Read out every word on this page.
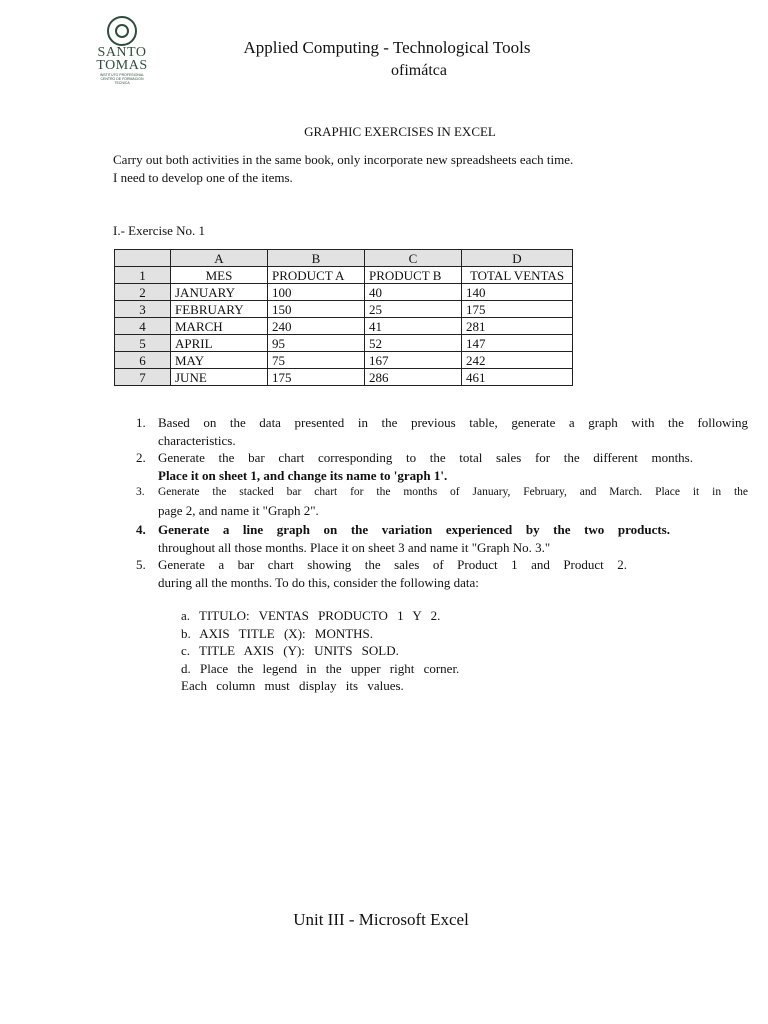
SANTO
TOMAS
INSTITUTO PROFESIONAL CENTRO DE FORMACION TECNICA
Applied Computing - Technological Tools
ofimátca
GRAPHIC EXERCISES IN EXCEL
Carry out both activities in the same book, only incorporate new spreadsheets each time.
I need to develop one of the items.
I.- Exercise No. 1
	A	B	C	D
1	MES	PRODUCT A	PRODUCT B	TOTAL VENTAS
2	JANUARY	100	40	140
3	FEBRUARY	150	25	175
4	MARCH	240	41	281
5	APRIL	95	52	147
6	MAY	75	167	242
7	JUNE	175	286	461
1. Based on the data presented in the previous table, generate a graph with the following
characteristics.
2. Generate the bar chart corresponding to the total sales for the different months.
Place it on sheet 1, and change its name to 'graph 1'.
3. Generate the stacked bar chart for the months of January, February, and March. Place it in the
page 2, and name it "Graph 2".
4. Generate a line graph on the variation experienced by the two products.
throughout all those months. Place it on sheet 3 and name it "Graph No. 3."
5. Generate a bar chart showing the sales of Product 1 and Product 2.
during all the months. To do this, consider the following data:
a. TITULO: VENTAS PRODUCTO 1 Y 2.
b. AXIS TITLE (X): MONTHS.
c. TITLE AXIS (Y): UNITS SOLD.
d. Place the legend in the upper right corner.
Each column must display its values.
Unit III - Microsoft Excel
